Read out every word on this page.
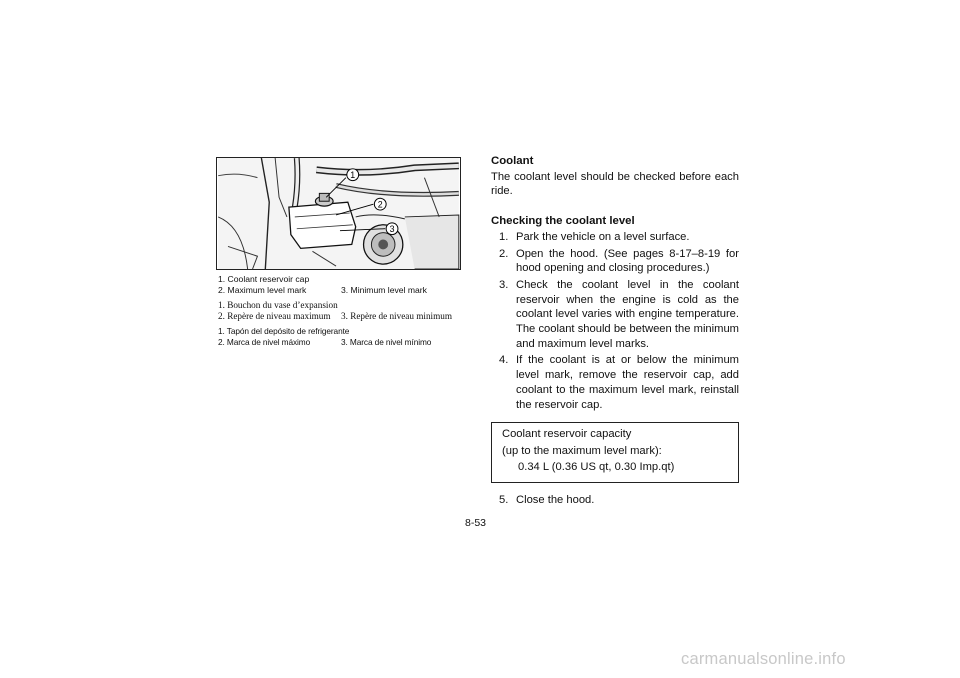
1
2
3
1. Coolant reservoir cap
2. Maximum level mark	3. Minimum level mark
1. Bouchon du vase d’expansion
2. Repère de niveau maximum	3. Repère de niveau minimum
1. Tapón del depósito de refrigerante
2. Marca de nivel máximo	3. Marca de nivel mínimo

Coolant

The coolant level should be checked before each ride.

Checking the coolant level

1. Park the vehicle on a level surface.
2. Open the hood. (See pages 8-17–8-19 for hood opening and closing procedures.)
3. Check the coolant level in the coolant reservoir when the engine is cold as the coolant level varies with engine temperature. The coolant should be between the minimum and maximum level marks.
4. If the coolant is at or below the minimum level mark, remove the reservoir cap, add coolant to the maximum level mark, reinstall the reservoir cap.
Coolant reservoir capacity
(up to the maximum level mark):
0.34 L (0.36 US qt, 0.30 Imp.qt)
5. Close the hood.
8-53
carmanualsonline.info
